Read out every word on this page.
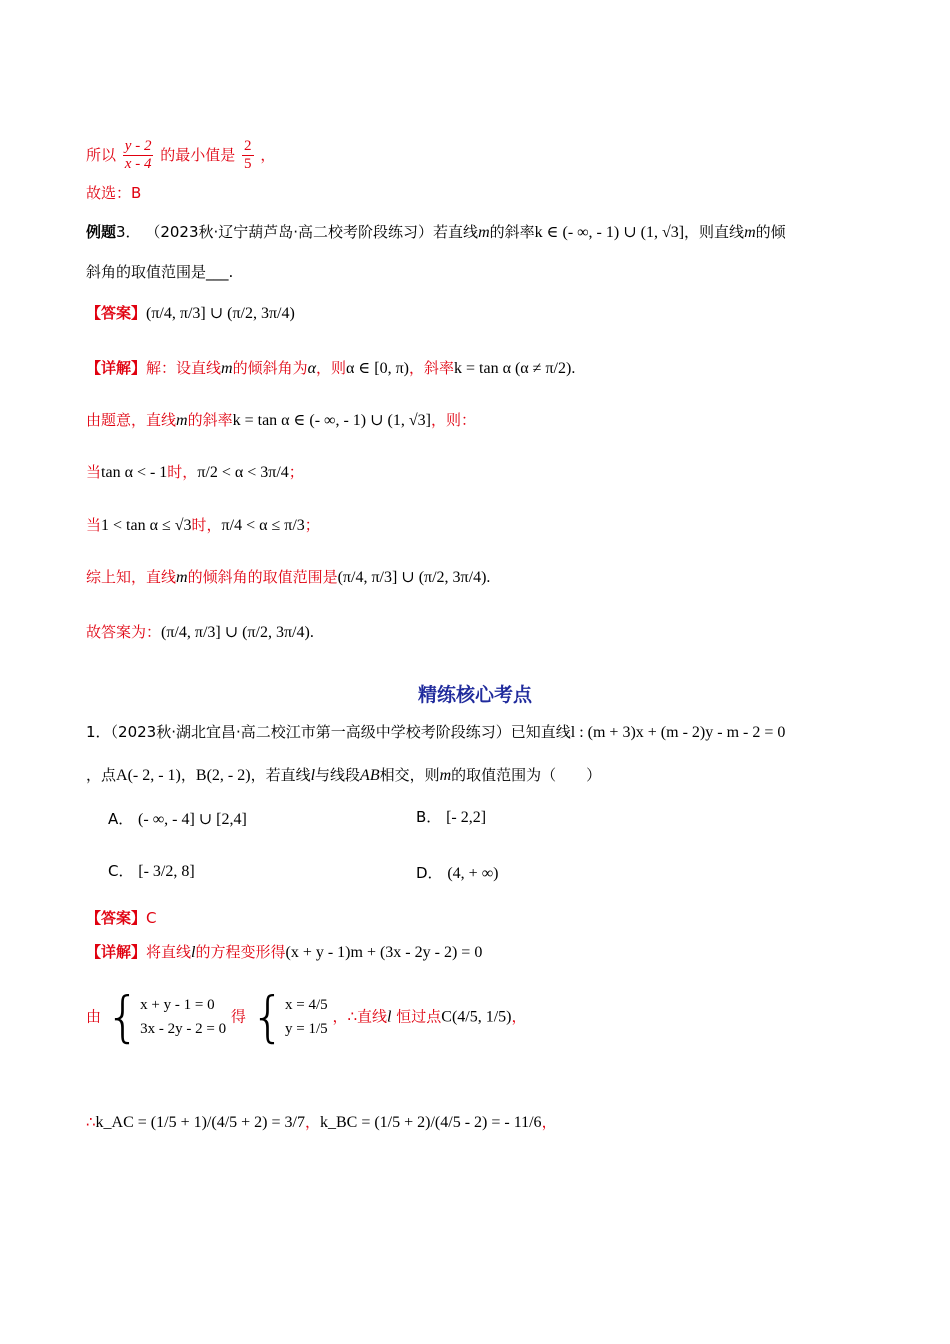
所以 $\frac{y - 2}{x - 4}$ 的最小值是 $\frac{2}{5}$ ，
故选：B
例题3． （2023秋·辽宁葫芦岛·高二校考阶段练习）若直线m的斜率k ∈ (- ∞, - 1) ∪ (1, √3]，则直线m的倾
斜角的取值范围是___.
【答案】(π/4, π/3] ∪ (π/2, 3π/4)
【详解】解：设直线m的倾斜角为α，则α ∈ [0, π)，斜率k = tan α (α ≠ π/2).
由题意，直线m的斜率k = tan α ∈ (- ∞, - 1) ∪ (1, √3]，则：
当tan α < - 1时，π/2 < α < 3π/4；
当1 < tan α ≤ √3时，π/4 < α ≤ π/3；
综上知，直线m的倾斜角的取值范围是(π/4, π/3] ∪ (π/2, 3π/4).
故答案为：(π/4, π/3] ∪ (π/2, 3π/4).
精练核心考点
1．（2023秋·湖北宜昌·高二校江市第一高级中学校考阶段练习）已知直线l : (m + 3)x + (m - 2)y - m - 2 = 0
，点A(- 2, - 1)，B(2, - 2)，若直线l与线段AB相交，则m的取值范围为（　　）
A． (- ∞, - 4] ∪ [2,4]	B． [- 2,2]
C． [- 3/2, 8]	D． (4, + ∞)
【答案】C
【详解】将直线l的方程变形得(x + y - 1)m + (3x - 2y - 2) = 0
由 { x + y - 1 = 0
3x - 2y - 2 = 0
得 { x = 4/5
y = 1/5
，∴直线l 恒过点C(4/5, 1/5)，
∴k_AC = (1/5 + 1)/(4/5 + 2) = 3/7，k_BC = (1/5 + 2)/(4/5 - 2) = - 11/6，
